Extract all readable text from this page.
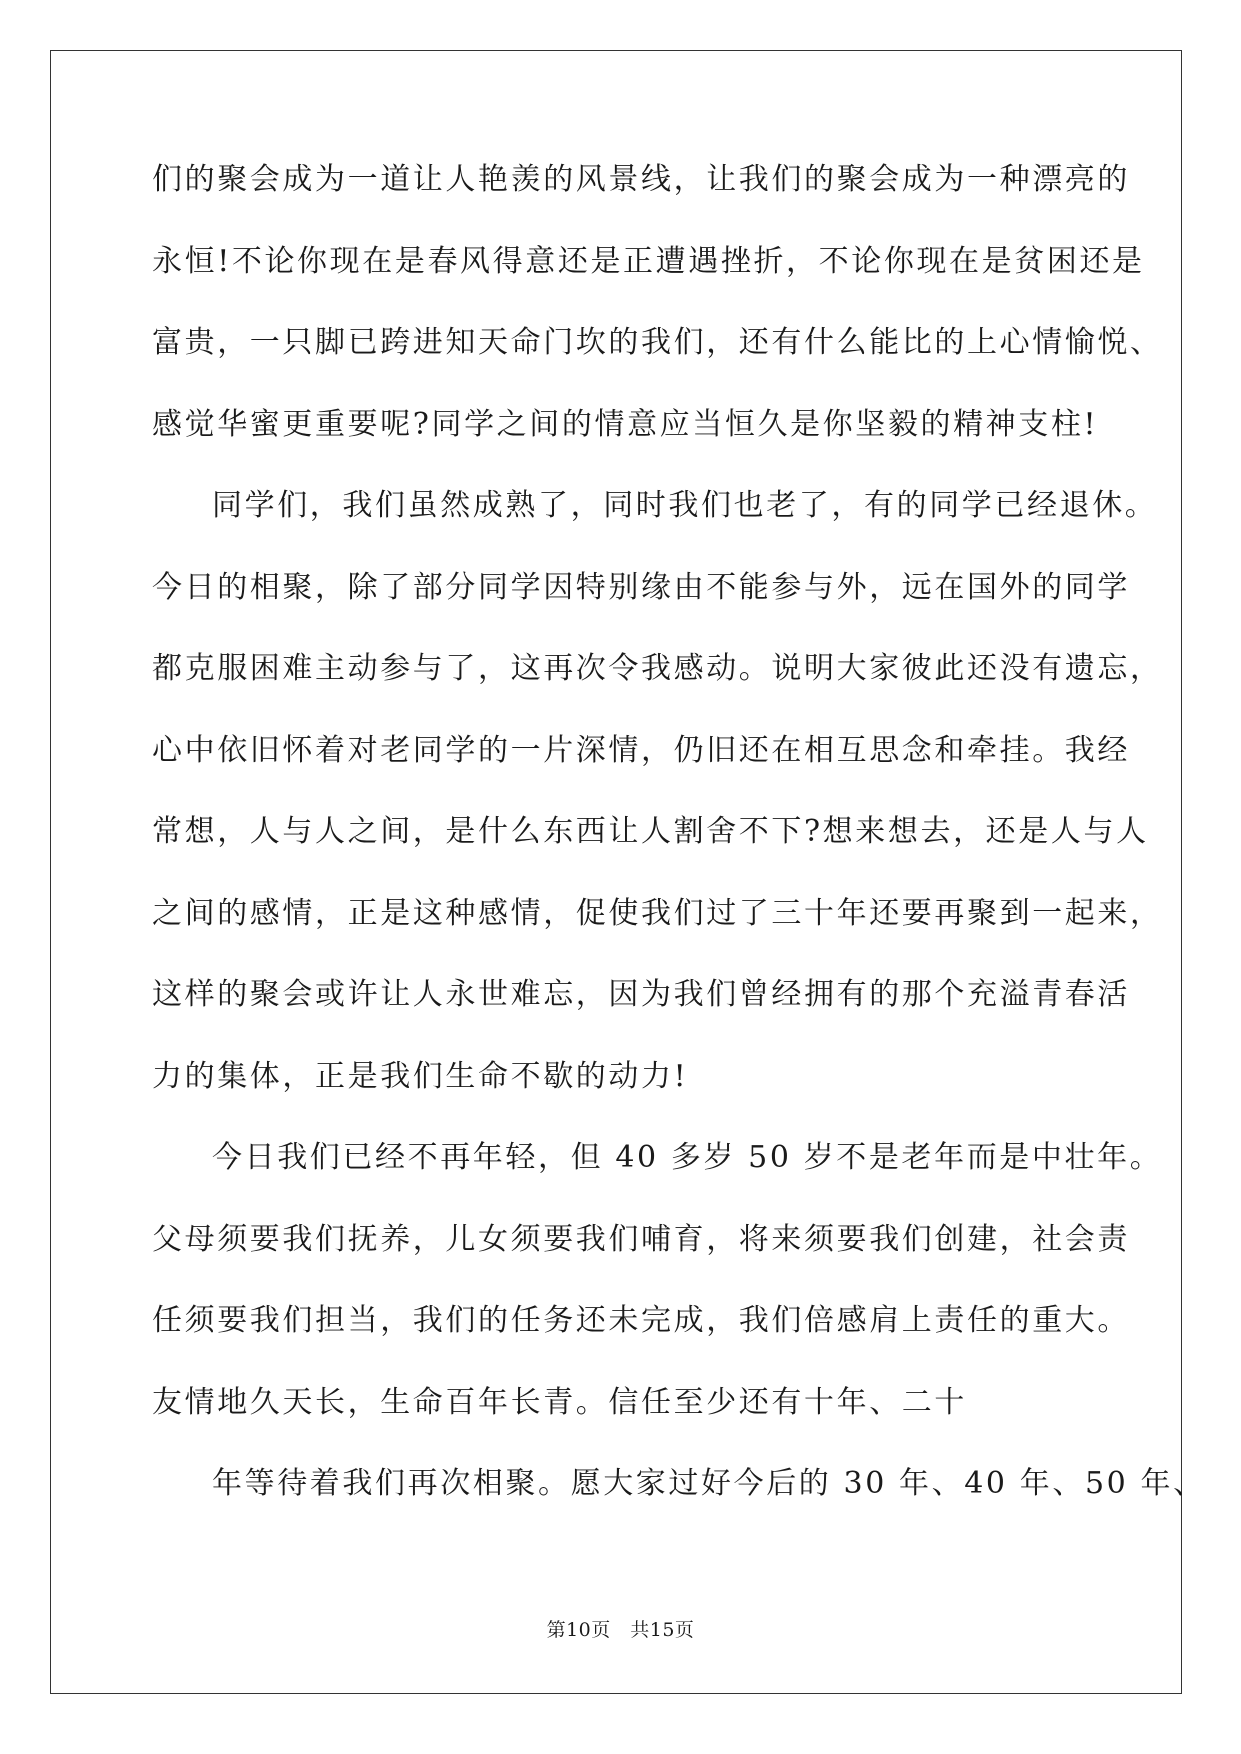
们的聚会成为一道让人艳羡的风景线，让我们的聚会成为一种漂亮的
永恒!不论你现在是春风得意还是正遭遇挫折，不论你现在是贫困还是
富贵，一只脚已跨进知天命门坎的我们，还有什么能比的上心情愉悦、
感觉华蜜更重要呢?同学之间的情意应当恒久是你坚毅的精神支柱!
同学们，我们虽然成熟了，同时我们也老了，有的同学已经退休。
今日的相聚，除了部分同学因特别缘由不能参与外，远在国外的同学
都克服困难主动参与了，这再次令我感动。说明大家彼此还没有遗忘，
心中依旧怀着对老同学的一片深情，仍旧还在相互思念和牵挂。我经
常想，人与人之间，是什么东西让人割舍不下?想来想去，还是人与人
之间的感情，正是这种感情，促使我们过了三十年还要再聚到一起来，
这样的聚会或许让人永世难忘，因为我们曾经拥有的那个充溢青春活
力的集体，正是我们生命不歇的动力!
今日我们已经不再年轻，但 40 多岁 50 岁不是老年而是中壮年。
父母须要我们抚养，儿女须要我们哺育，将来须要我们创建，社会责
任须要我们担当，我们的任务还未完成，我们倍感肩上责任的重大。
友情地久天长，生命百年长青。信任至少还有十年、二十
年等待着我们再次相聚。愿大家过好今后的 30 年、40 年、50 年、
第10页　共15页
